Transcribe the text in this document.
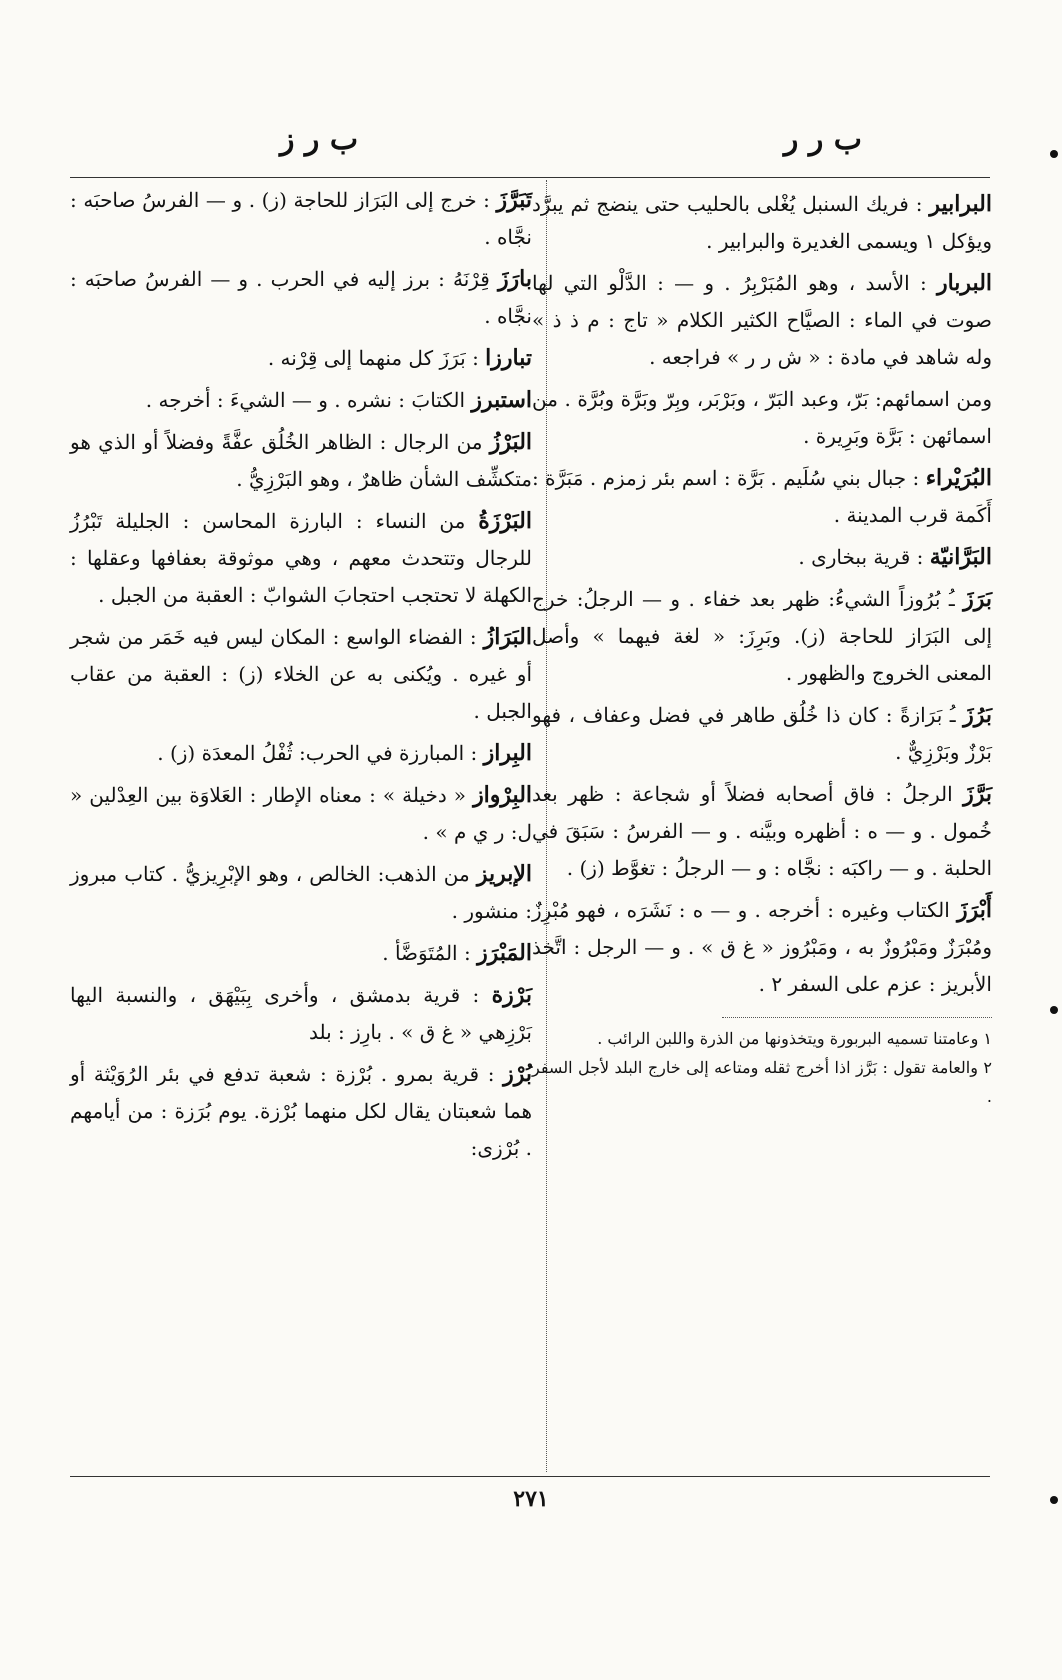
ب ر ر
ب ر ز
البرابير : فريك السنبل يُغْلى بالحليب حتى ينضج ثم يبرَّد ويؤكل ١ ويسمى الغديرة والبرابير .
البربار : الأسد ، وهو المُبَرْبِرُ . و — : الدَّلْو التي لها صوت في الماء : الصيَّاح الكثير الكلام « تاج : م ذ ذ » وله شاهد في مادة : « ش ر ر » فراجعه .
ومن اسمائهم: بَرّ، وعبد البَرّ ، وبَرْبَر، وبِرّ وبَرَّة وبُرَّة . من اسمائهن : بَرَّة وبَرِيرة .
البُرَيْراء : جبال بني سُلَيم . بَرَّة : اسم بئر زمزم . مَبَرَّة : أَكَمة قرب المدينة .
البَرَّانيّة : قرية ببخارى .
بَرَزَ ـُ بُرُوزاً الشيءُ: ظهر بعد خفاء . و — الرجلُ: خرج إلى البَرَاز للحاجة (ز). وبَرِزَ: « لغة فيهما » وأصل المعنى الخروج والظهور .
بَرُزَ ـُ بَرَازةً : كان ذا خُلُق طاهر في فضل وعفاف ، فهو بَرْزٌ وبَرْزِيٌّ .
بَرَّزَ الرجلُ : فاق أصحابه فضلاً أو شجاعة : ظهر بعد خُمول . و — ه : أظهره وبيَّنه . و — الفرسُ : سَبَقَ في الحلبة . و — راكبَه : نجَّاه : و — الرجلُ : تغوَّط (ز) .
أَبْرَزَ الكتاب وغيره : أخرجه . و — ه : نَشَرَه ، فهو مُبْرِزٌ ومُبْرَزٌ ومَبْرُوزٌ به ، ومَبْرُوز « غ ق » . و — الرجل : اتَّخذ الأبريز : عزم على السفر ٢ .
١ وعامتنا تسميه البربورة ويتخذونها من الذرة واللبن الرائب .
٢ والعامة تقول : بَرَّز اذا أخرج ثقله ومتاعه إلى خارج البلد لأجل السفر .
تَبَرَّزَ : خرج إلى البَرَاز للحاجة (ز) . و — الفرسُ صاحبَه : نجَّاه .
بارَزَ قِرْنَهُ : برز إليه في الحرب . و — الفرسُ صاحبَه : نجَّاه .
تبارزا : بَرَزَ كل منهما إلى قِرْنه .
استبرز الكتابَ : نشره . و — الشيءَ : أخرجه .
البَرْزُ من الرجال : الظاهر الخُلُق عفَّةً وفضلاً أو الذي هو متكشِّف الشأن ظاهرٌ ، وهو البَرْزِيُّ .
البَرْزَةُ من النساء : البارزة المحاسن : الجليلة تَبْرُزُ للرجال وتتحدث معهم ، وهي موثوقة بعفافها وعقلها : الكهلة لا تحتجب احتجابَ الشوابّ : العقبة من الجبل .
البَرَازُ : الفضاء الواسع : المكان ليس فيه خَمَر من شجر أو غيره . ويُكنى به عن الخلاء (ز) : العقبة من عقاب الجبل .
البِراز : المبارزة في الحرب: ثُفْلُ المعدَة (ز) .
البِرْواز « دخيلة » : معناه الإطار : العَلاوَة بين العِدْلين « ل: ر ي م » .
الإبريز من الذهب: الخالص ، وهو الإبْرِيزيُّ . كتاب مبروز : منشور .
المَبْرَز : المُتَوَضَّأ .
بَرْزة : قرية بدمشق ، وأخرى بِبَيْهَق ، والنسبة اليها بَرْزِهي « غ ق » . بارِز : بلد
بُرْز : قرية بمرو . بُرْزة : شعبة تدفع في بئر الرُوَيْثة أو هما شعبتان يقال لكل منهما بُرْزة. يوم بُرَزة : من أيامهم . بُرْزى:
٢٧١
